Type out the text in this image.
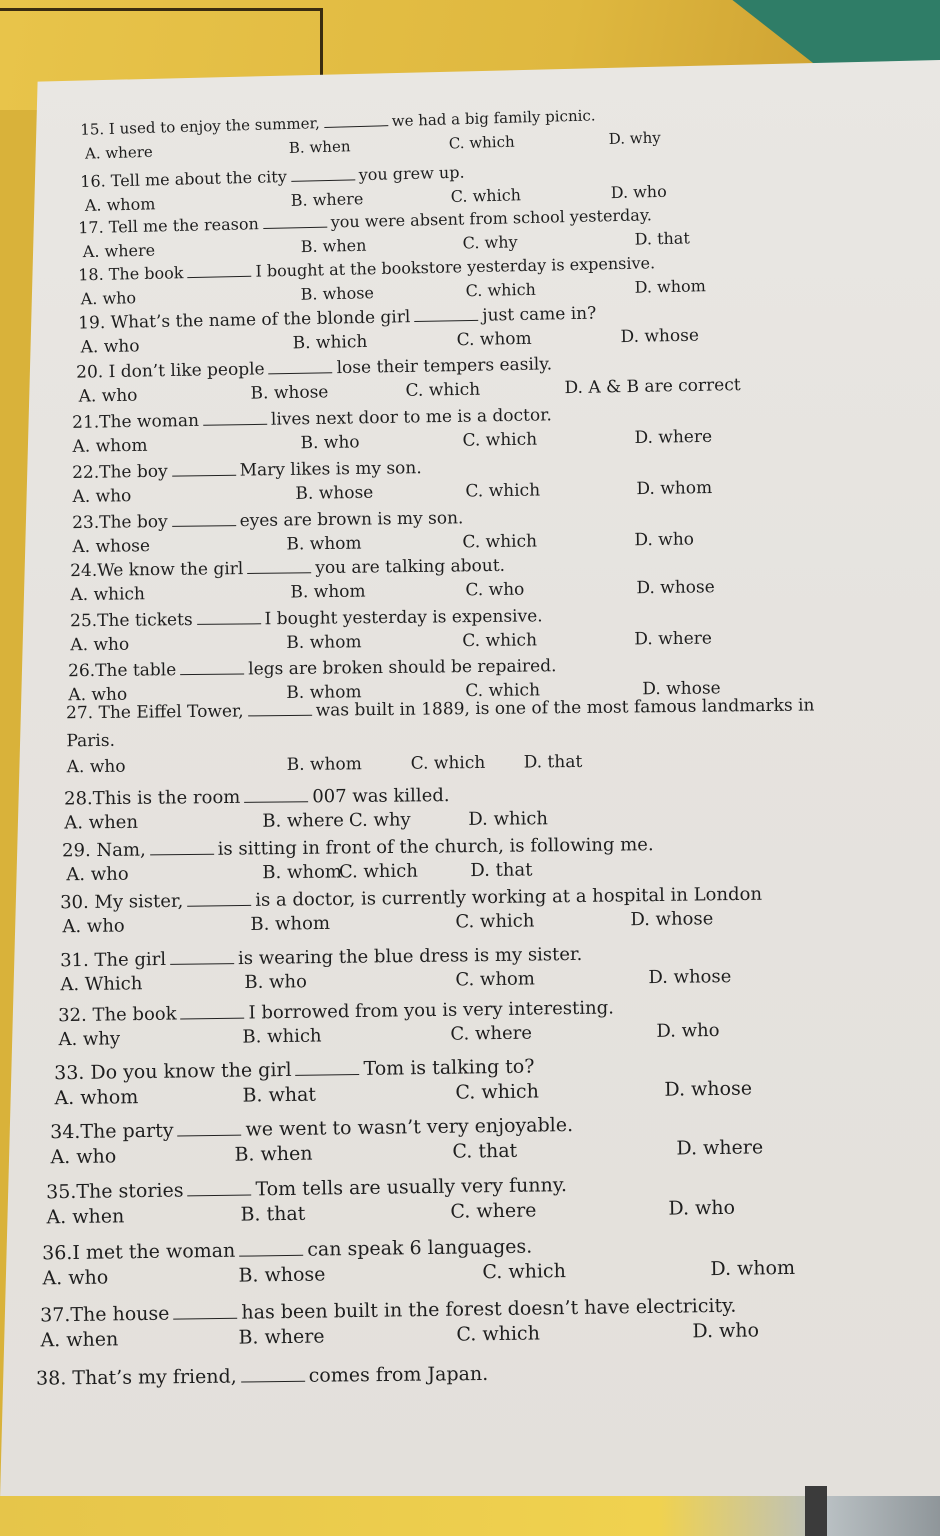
15. I used to enjoy the summer,	we had a big family picnic.
A. where	B. when	C. which	D. why
16. Tell me about the city	you grew up.
A. whom	B. where	C. which	D. who
17. Tell me the reason	you were absent from school yesterday.
A. where	B. when	C. why	D. that
18. The book	I bought at the bookstore yesterday is expensive.
A. who	B. whose	C. which	D. whom
19. What’s the name of the blonde girl	just came in?
A. who	B. which	C. whom	D. whose
20. I don’t like people	lose their tempers easily.
A. who	B. whose	C. which	D. A & B are correct
21.The woman	lives next door to me is a doctor.
A. whom	B. who	C. which	D. where
22.The boy	Mary likes is my son.
A. who	B. whose	C. which	D. whom
23.The boy	eyes are brown is my son.
A. whose	B. whom	C. which	D. who
24.We know the girl	you are talking about.
A. which	B. whom	C. who	D. whose
25.The tickets	I bought yesterday is expensive.
A. who	B. whom	C. which	D. where
26.The table	legs are broken should be repaired.
A. who	B. whom	C. which	D. whose
27. The Eiffel Tower,	was built in 1889, is one of the most famous landmarks in
Paris.
A. who	B. whom	C. which D. that
28.This is the room	007 was killed.
A. when	B. where C. why	D. which
29. Nam,	is sitting in front of the church, is following me.
A. who	B. whom
C. which	D. that
30. My sister,	is a doctor, is currently working at a hospital in London
A. who	B. whom	C. which	D. whose
31. The girl	is wearing the blue dress is my sister.
A. Which	B. who	C. whom	D. whose
32. The book	I borrowed from you is very interesting.
A. why	B. which	C. where	D. who
33. Do you know the girl	Tom is talking to?
A. whom	B. what	C. which	D. whose
34.The party	we went to wasn’t very enjoyable.
A. who	B. when	C. that	D. where
35.The stories	Tom tells are usually very funny.
A. when	B. that	C. where	D. who
36.I met the woman	can speak 6 languages.
A. who	B. whose	C. which	D. whom
37.The house	has been built in the forest doesn’t have electricity.
A. when	B. where	C. which	D. who
38. That’s my friend,	comes from Japan.
